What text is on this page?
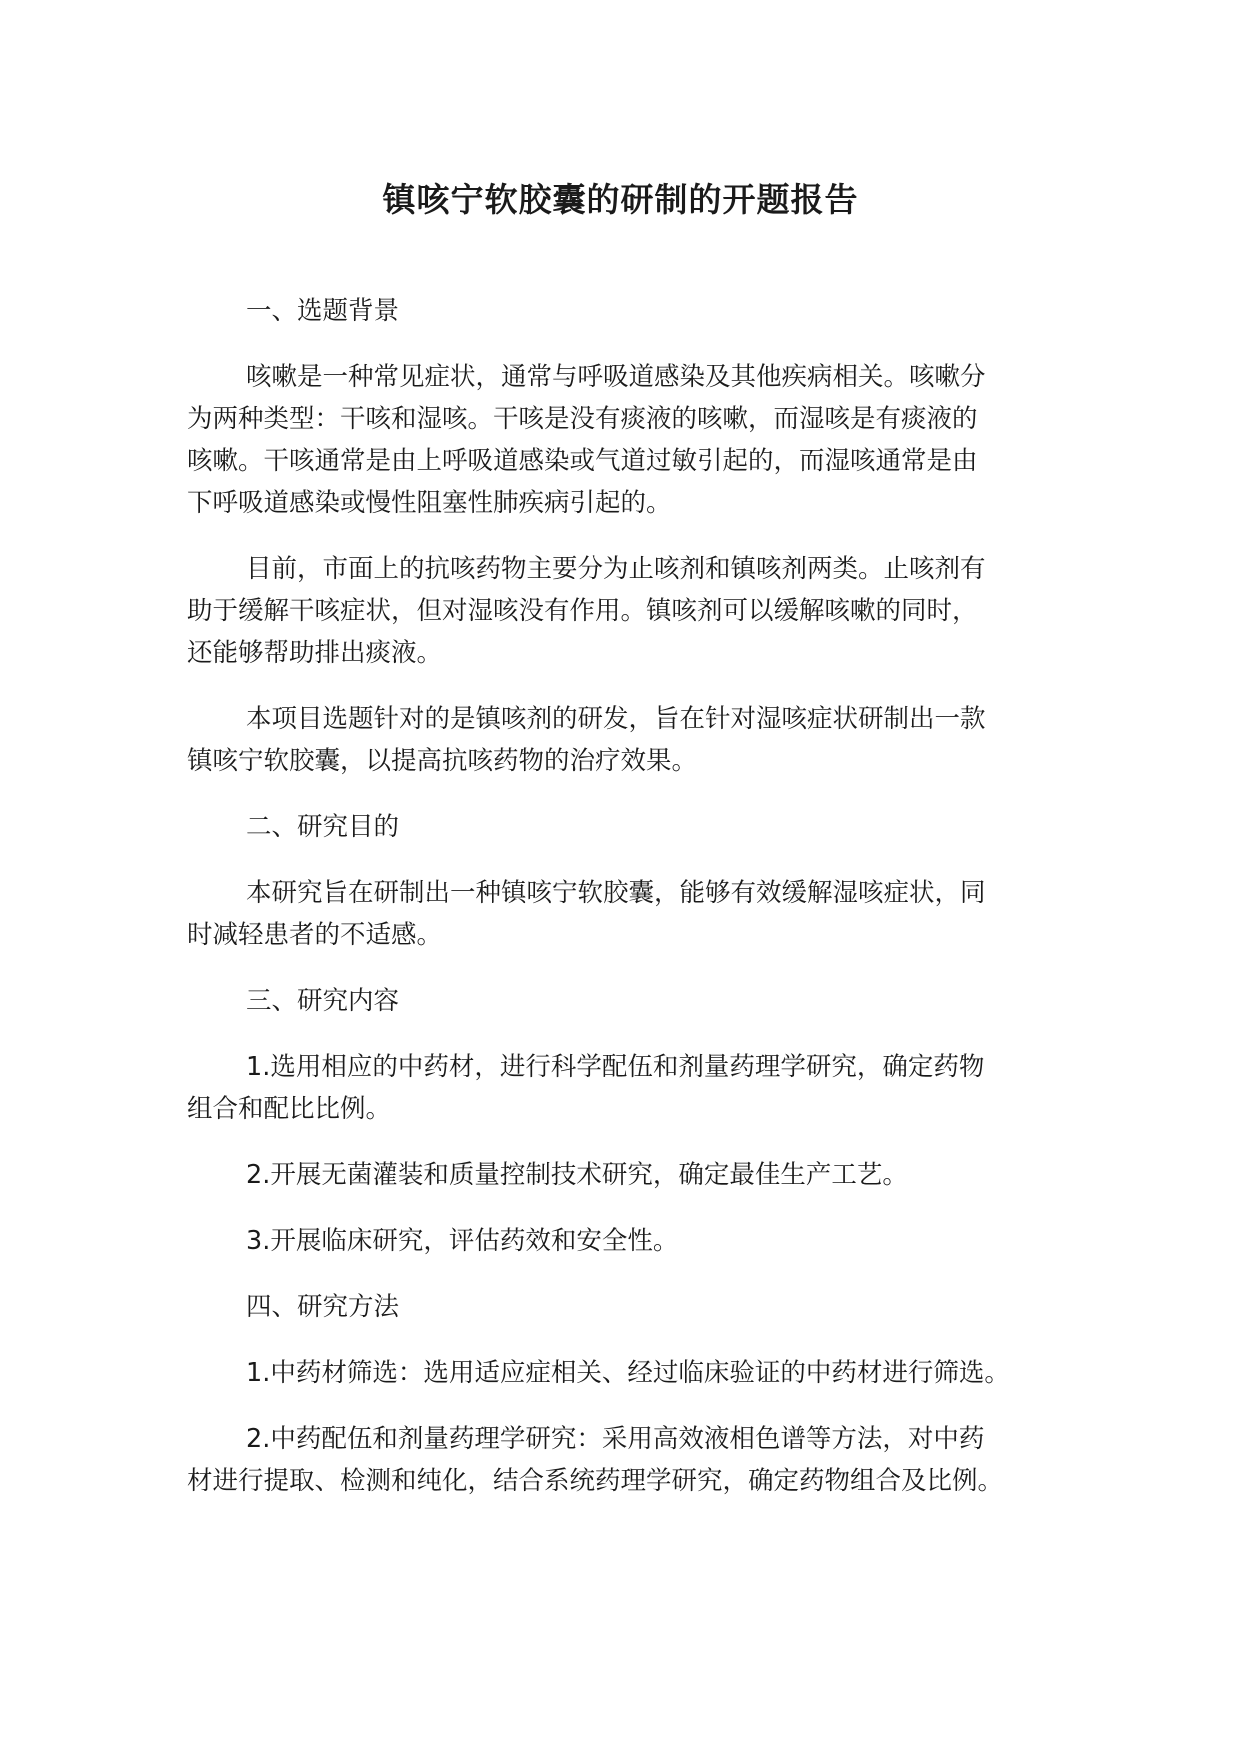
镇咳宁软胶囊的研制的开题报告
一、选题背景
咳嗽是一种常见症状，通常与呼吸道感染及其他疾病相关。咳嗽分
为两种类型：干咳和湿咳。干咳是没有痰液的咳嗽，而湿咳是有痰液的
咳嗽。干咳通常是由上呼吸道感染或气道过敏引起的，而湿咳通常是由
下呼吸道感染或慢性阻塞性肺疾病引起的。
目前，市面上的抗咳药物主要分为止咳剂和镇咳剂两类。止咳剂有
助于缓解干咳症状，但对湿咳没有作用。镇咳剂可以缓解咳嗽的同时，
还能够帮助排出痰液。
本项目选题针对的是镇咳剂的研发，旨在针对湿咳症状研制出一款
镇咳宁软胶囊，以提高抗咳药物的治疗效果。
二、研究目的
本研究旨在研制出一种镇咳宁软胶囊，能够有效缓解湿咳症状，同
时减轻患者的不适感。
三、研究内容
1.选用相应的中药材，进行科学配伍和剂量药理学研究，确定药物
组合和配比比例。
2.开展无菌灌装和质量控制技术研究，确定最佳生产工艺。
3.开展临床研究，评估药效和安全性。
四、研究方法
1.中药材筛选：选用适应症相关、经过临床验证的中药材进行筛选。
2.中药配伍和剂量药理学研究：采用高效液相色谱等方法，对中药
材进行提取、检测和纯化，结合系统药理学研究，确定药物组合及比例。
